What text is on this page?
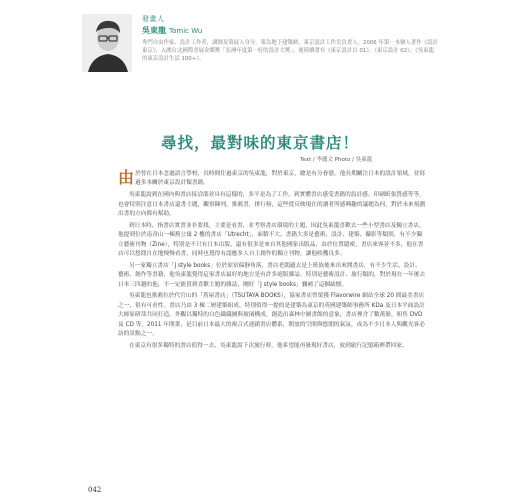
發畫人
吳東龍 Tomic Wu
專門自由作家、設計工作者，講師及策展人身分。策為地下建築師、東京設計工作室負責人。2006 年第一本個人著作《設計東京》，入圍台北國際書展金蝶獎「亞洲年度第一好的設計大獎」，後陸續著有《東京設計以 01》、《東京設計 02》、《吳東龍的東京設計生活 100+》。
尋找，最對味的東京書店！
Text / 李麗文 Photo / 吳東龍

由於曾在日本念過語言學校，長時間住過東京的吳東龍，對於東京，總是有分眷戀，他長期關注日本的設計領域，並寫過多本關於東京設計類書籍。

吳東龍說到在國內與書店接洽邵並具有這樣的，多半是為了工作，到實體書店感受書籍的設計感、印刷紙張質感等等，也會特別注意日本書店還書主題，觀察陳列，推薦書，排行榜，這些從反映現在的讀者所感興趣的議題為何，對於未來規劃出書的方向都有幫助。

到日本時，指書店實書並非要找，主要是看書，並考察書店環境的主題，因此吳東龍喜歡去一些小型書店及獨立書店，他提到位於南青山一棟舊公寓 2 樓的書店「Utrecht」，面積不大，書籍大多是藝術、設計、建築、攝影等類別，有不少獨立藝術刊物（Zine），特別是不只有日本出版，還有很多是來自其他國家出版品，由於位置隱密，書店來客並不多，他在書店可以悠閒自在地慢慢看書，同時也覺得有認應多人自主創作的獨立刊物，讓他收穫良多。

另一家獨立書店「J style books」位於原宿偏靜角落，書店老闆過去是上班族後來出來開書店，有不少生活、設計、藝術、創作等書籍，他吳東龍覺得這家書店最好的地方是有許多絕版雜誌，特別是藝術設計、旅行類的，對於現在一年後去日本三四趟的他，不一定能買到喜歡主題的雜誌，剛好「J style books」彌補了這個缺憾。

吳東龍也推薦位於代官山的「蔦屋書店」（TSUTAYA BOOKS），協家書店曾榮獲 Flavorwire 網站全球 20 間最美書店之一，很有可看性。書店乃由 3 棟二層建築組成，特別值得一提的是建築為東京的英國建築師事務所 KDa 及日本平面設計大師原研哉共同打造，外觀以獨特的白色織織圖與玻璃構成，創造出森林中圖書館的意象，書店裡含了數萬冊，租售 DVD 及 CD 等，2011 年開業，是目前日本最大的複合式連鎖書店體系，開放的空間與悠閒的氣氛，成為不少日本人與觀光客必訪的景點之一。

在東京有很多獨特的書店值得一去，吳東龍說下次旅行時，他希望能再發現好書店，放到旅行記憶箱裡帶回家。

042
